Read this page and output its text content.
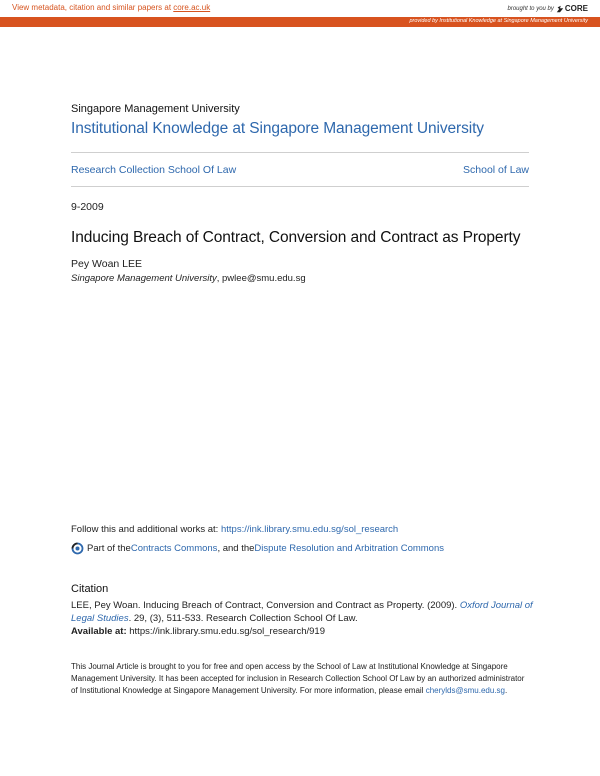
View metadata, citation and similar papers at core.ac.uk	brought to you by CORE
provided by Institutional Knowledge at Singapore Management University
Singapore Management University
Institutional Knowledge at Singapore Management University
Research Collection School Of Law	School of Law
9-2009
Inducing Breach of Contract, Conversion and Contract as Property
Pey Woan LEE
Singapore Management University, pwlee@smu.edu.sg
Follow this and additional works at: https://ink.library.smu.edu.sg/sol_research
Part of the Contracts Commons , and the Dispute Resolution and Arbitration Commons
Citation
LEE, Pey Woan. Inducing Breach of Contract, Conversion and Contract as Property. (2009). Oxford Journal of Legal Studies. 29, (3), 511-533. Research Collection School Of Law.
Available at: https://ink.library.smu.edu.sg/sol_research/919
This Journal Article is brought to you for free and open access by the School of Law at Institutional Knowledge at Singapore Management University. It has been accepted for inclusion in Research Collection School Of Law by an authorized administrator of Institutional Knowledge at Singapore Management University. For more information, please email cherylds@smu.edu.sg.
